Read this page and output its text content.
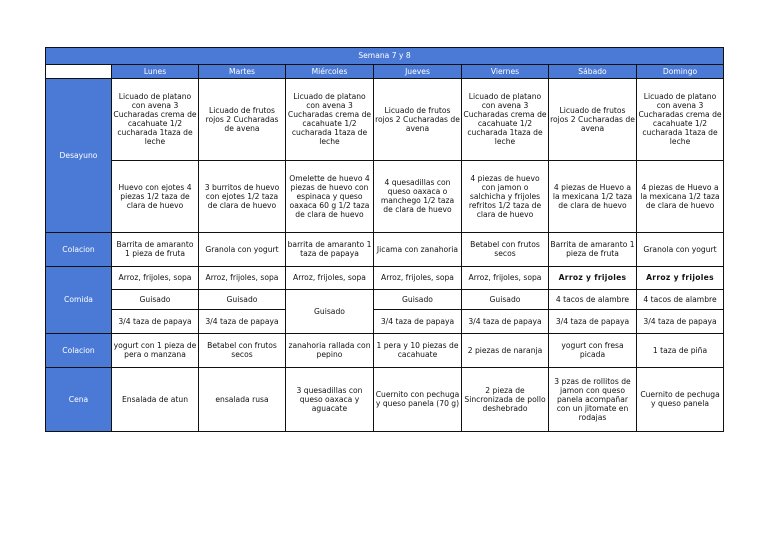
Semana 7 y 8							
	Lunes	Martes	Miércoles	Jueves	Viernes	Sábado	Domingo
Desayuno	Licuado de platano con avena 3 Cucharadas crema de cacahuate 1/2 cucharada 1taza de leche	Licuado de frutos rojos 2 Cucharadas de avena	Licuado de platano con avena 3 Cucharadas crema de cacahuate 1/2 cucharada 1taza de leche	Licuado de frutos rojos 2 Cucharadas de avena	Licuado de platano con avena 3 Cucharadas crema de cacahuate 1/2 cucharada 1taza de leche	Licuado de frutos rojos 2 Cucharadas de avena	Licuado de platano con avena 3 Cucharadas crema de cacahuate 1/2 cucharada 1taza de leche
	Huevo con ejotes 4 piezas 1/2 taza de clara de huevo	3 burritos de huevo con ejotes 1/2 taza de clara de huevo	Omelette de huevo 4 piezas de huevo con espinaca y queso oaxaca 60 g 1/2 taza de clara de huevo	4 quesadillas con queso oaxaca o manchego 1/2 taza de clara de huevo	4 piezas de huevo con jamon o salchicha y frijoles refritos 1/2 taza de clara de huevo	4 piezas de Huevo a la mexicana 1/2 taza de clara de huevo	4 piezas de Huevo a la mexicana 1/2 taza de clara de huevo
Colacion	Barrita de amaranto 1 pieza de fruta	Granola con yogurt	barrita de amaranto 1 taza de papaya	Jicama con zanahoria	Betabel con frutos secos	Barrita de amaranto 1 pieza de fruta	Granola con yogurt
Comida	Arroz, frijoles, sopa	Arroz, frijoles, sopa	Arroz, frijoles, sopa	Arroz, frijoles, sopa	Arroz, frijoles, sopa	Arroz y frijoles	Arroz y frijoles
	Guisado	Guisado	Guisado	Guisado	Guisado	4 tacos de alambre	4 tacos de alambre
	3/4 taza de papaya	3/4 taza de papaya		3/4 taza de papaya	3/4 taza de papaya	3/4 taza de papaya	3/4 taza de papaya
Colacion	yogurt con 1 pieza de pera o manzana	Betabel con frutos secos	zanahoria rallada con pepino	1 pera y 10 piezas de cacahuate	2 piezas de naranja	yogurt con fresa picada	1 taza de piña
Cena	Ensalada de atun	ensalada rusa	3 quesadillas con queso oaxaca y aguacate	Cuernito con pechuga y queso panela (70 g)	2 pieza de Sincronizada de pollo deshebrado	3 pzas de rollitos de jamon con queso panela acompañar con un jitomate en rodajas	Cuernito de pechuga y queso panela
